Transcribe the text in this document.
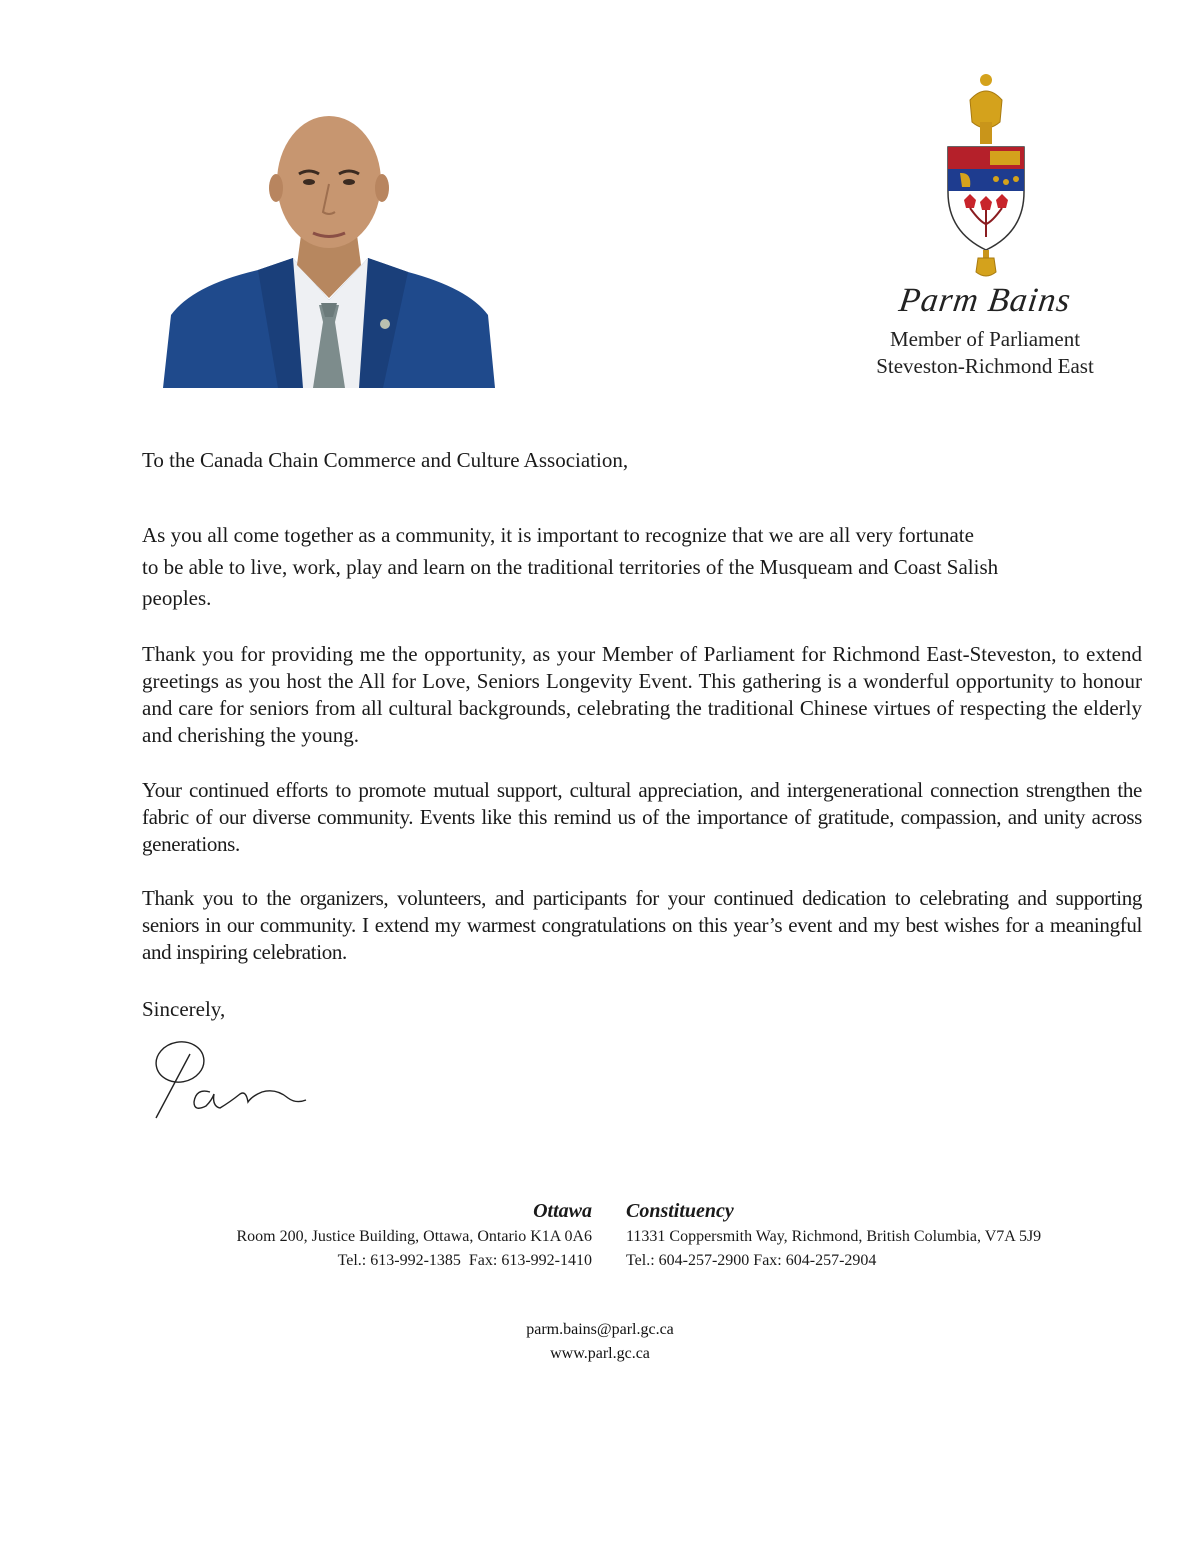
Parm Bains
Member of Parliament
Steveston-Richmond East
To the Canada Chain Commerce and Culture Association,
As you all come together as a community, it is important to recognize that we are all very fortunate
to be able to live, work, play and learn on the traditional territories of the Musqueam and Coast Salish
peoples.
Thank you for providing me the opportunity, as your Member of Parliament for Richmond East-Steveston, to extend greetings as you host the All for Love, Seniors Longevity Event. This gathering is a wonderful opportunity to honour and care for seniors from all cultural backgrounds, celebrating the traditional Chinese virtues of respecting the elderly and cherishing the young.
Your continued efforts to promote mutual support, cultural appreciation, and intergenerational connection strengthen the fabric of our diverse community. Events like this remind us of the importance of gratitude, compassion, and unity across generations.
Thank you to the organizers, volunteers, and participants for your continued dedication to celebrating and supporting seniors in our community. I extend my warmest congratulations on this year’s event and my best wishes for a meaningful and inspiring celebration.
Sincerely,
Ottawa
Room 200, Justice Building, Ottawa, Ontario K1A 0A6
Tel.: 613-992-1385  Fax: 613-992-1410
Constituency
11331 Coppersmith Way, Richmond, British Columbia, V7A 5J9
Tel.: 604-257-2900 Fax: 604-257-2904
parm.bains@parl.gc.ca
www.parl.gc.ca
